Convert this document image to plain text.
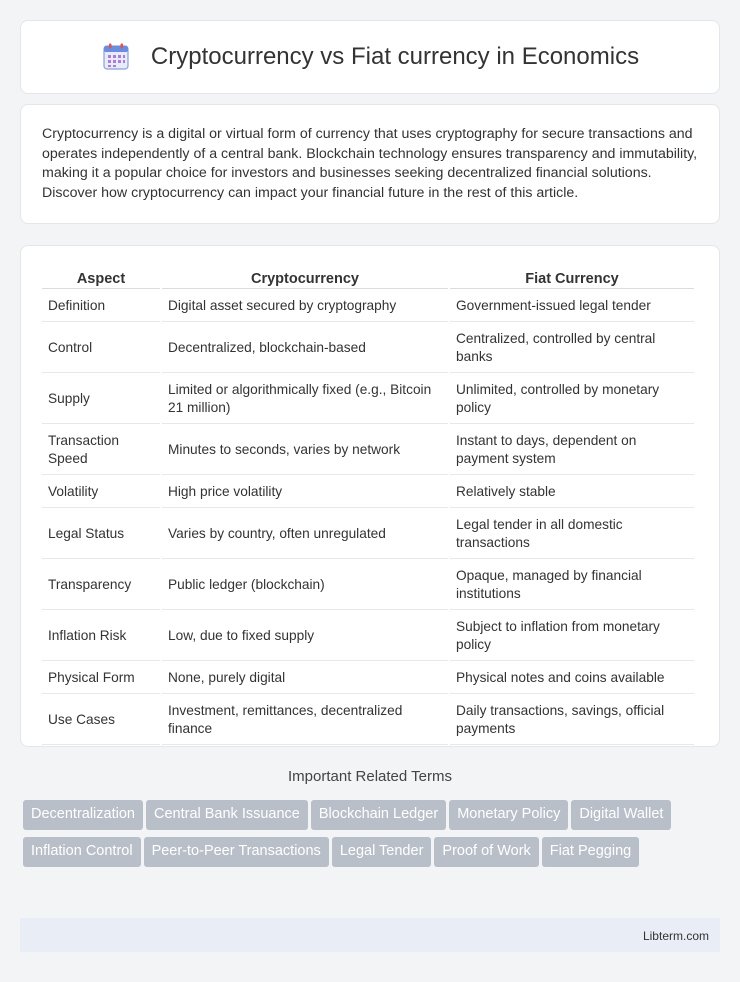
Cryptocurrency vs Fiat currency in Economics

Cryptocurrency is a digital or virtual form of currency that uses cryptography for secure transactions and operates independently of a central bank. Blockchain technology ensures transparency and immutability, making it a popular choice for investors and businesses seeking decentralized financial solutions. Discover how cryptocurrency can impact your financial future in the rest of this article.

Aspect	Cryptocurrency	Fiat Currency
Definition	Digital asset secured by cryptography	Government-issued legal tender
Control	Decentralized, blockchain-based	Centralized, controlled by central banks
Supply	Limited or algorithmically fixed (e.g., Bitcoin 21 million)	Unlimited, controlled by monetary policy
Transaction Speed	Minutes to seconds, varies by network	Instant to days, dependent on payment system
Volatility	High price volatility	Relatively stable
Legal Status	Varies by country, often unregulated	Legal tender in all domestic transactions
Transparency	Public ledger (blockchain)	Opaque, managed by financial institutions
Inflation Risk	Low, due to fixed supply	Subject to inflation from monetary policy
Physical Form	None, purely digital	Physical notes and coins available
Use Cases	Investment, remittances, decentralized finance	Daily transactions, savings, official payments
Important Related Terms
Decentralization Central Bank Issuance Blockchain Ledger Monetary Policy Digital WalletInflation Control Peer-to-Peer Transactions Legal Tender Proof of Work Fiat Pegging
Libterm.com
